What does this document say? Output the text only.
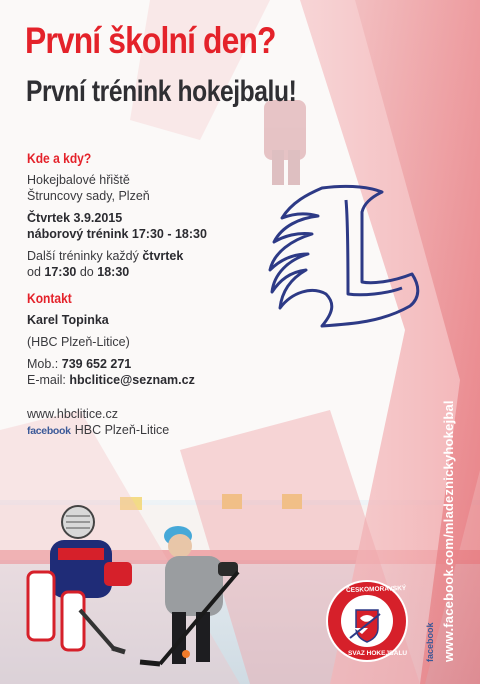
První školní den?
První trénink hokejbalu!
Kde a kdy?
Hokejbalové hřiště
Štruncovy sady, Plzeň
Čtvrtek 3.9.2015
náborový trénink 17:30 - 18:30
Další tréninky každý čtvrtek
od 17:30 do 18:30
Kontakt
Karel Topinka
(HBC Plzeň-Litice)
Mob.: 739 652 271
E-mail: hbclitice@seznam.cz
www.hbclitice.cz
facebook HBC Plzeň-Litice
ČESKOMORAVSKÝ
SVAZ HOKEJBALU facebook www.facebook.com/mladeznickyhokejbal
